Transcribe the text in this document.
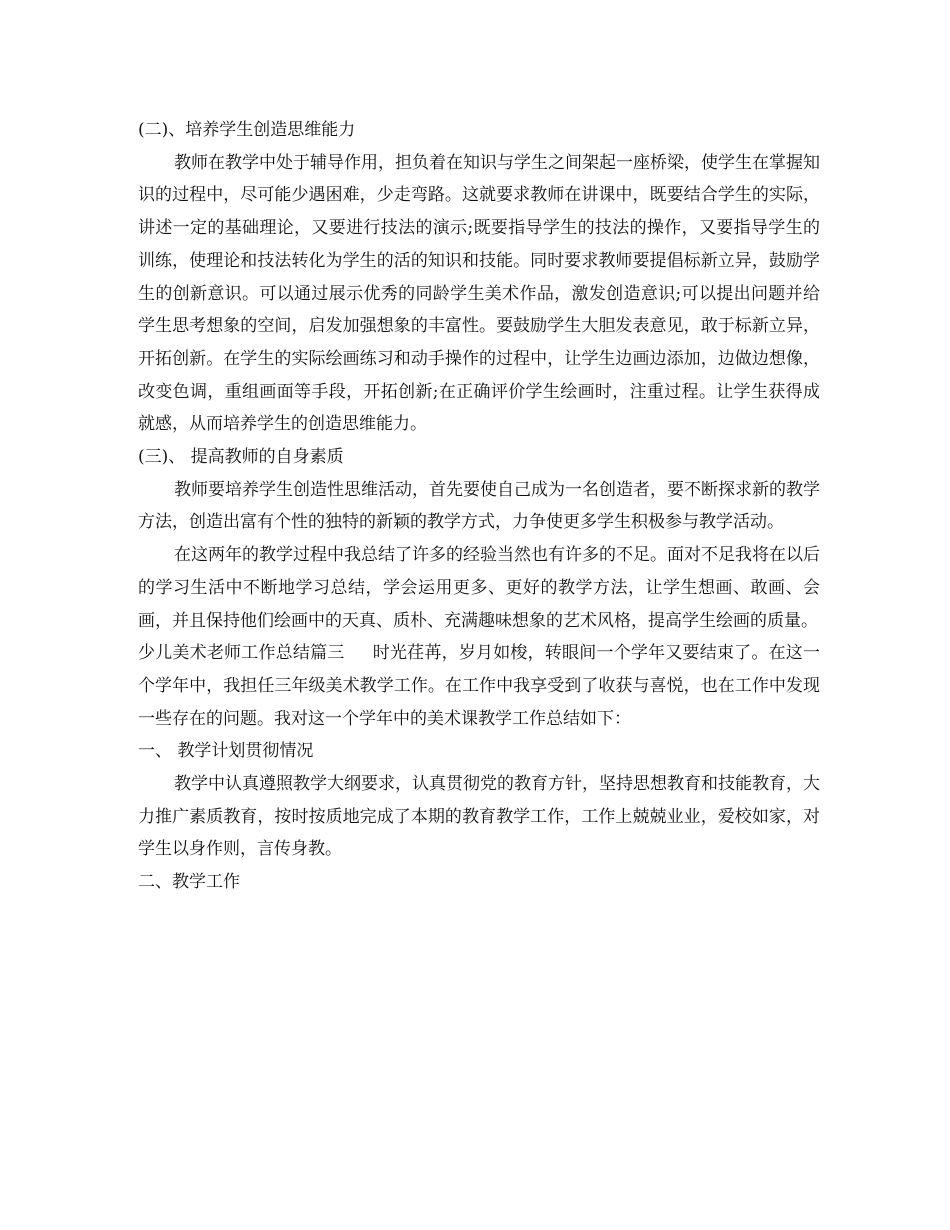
(二)、培养学生创造思维能力

教师在教学中处于辅导作用，担负着在知识与学生之间架起一座桥梁，使学生在掌握知识的过程中，尽可能少遇困难，少走弯路。这就要求教师在讲课中，既要结合学生的实际，讲述一定的基础理论，又要进行技法的演示;既要指导学生的技法的操作，又要指导学生的训练，使理论和技法转化为学生的活的知识和技能。同时要求教师要提倡标新立异，鼓励学生的创新意识。可以通过展示优秀的同龄学生美术作品，激发创造意识;可以提出问题并给学生思考想象的空间，启发加强想象的丰富性。要鼓励学生大胆发表意见，敢于标新立异，开拓创新。在学生的实际绘画练习和动手操作的过程中，让学生边画边添加，边做边想像，改变色调，重组画面等手段，开拓创新;在正确评价学生绘画时，注重过程。让学生获得成就感，从而培养学生的创造思维能力。

(三)、 提高教师的自身素质

教师要培养学生创造性思维活动，首先要使自己成为一名创造者，要不断探求新的教学方法，创造出富有个性的独特的新颖的教学方式，力争使更多学生积极参与教学活动。

在这两年的教学过程中我总结了许多的经验当然也有许多的不足。面对不足我将在以后的学习生活中不断地学习总结，学会运用更多、更好的教学方法，让学生想画、敢画、会画，并且保持他们绘画中的天真、质朴、充满趣味想象的艺术风格，提高学生绘画的质量。

少儿美术老师工作总结篇三 时光荏苒，岁月如梭，转眼间一个学年又要结束了。在这一个学年中，我担任三年级美术教学工作。在工作中我享受到了收获与喜悦，也在工作中发现一些存在的问题。我对这一个学年中的美术课教学工作总结如下：

一、 教学计划贯彻情况

教学中认真遵照教学大纲要求，认真贯彻党的教育方针，坚持思想教育和技能教育，大力推广素质教育，按时按质地完成了本期的教育教学工作，工作上兢兢业业，爱校如家，对学生以身作则，言传身教。

二、教学工作
